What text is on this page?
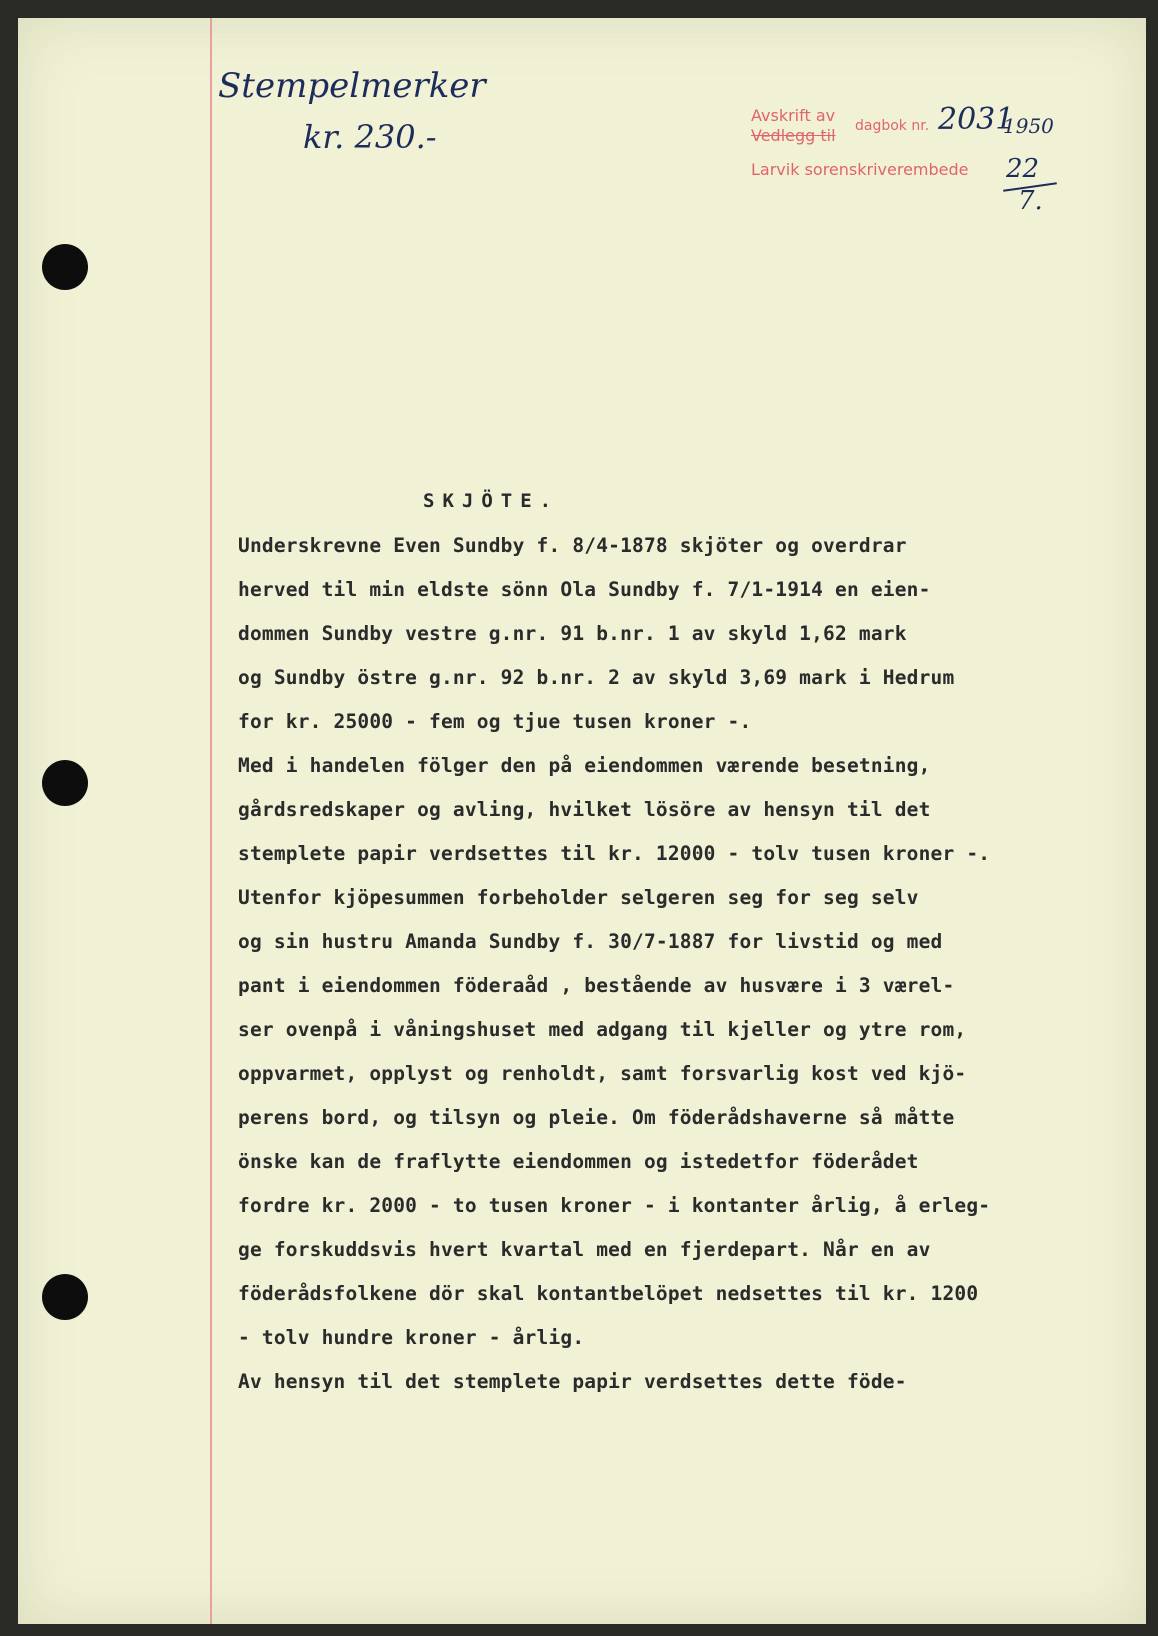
Stempelmerker
kr. 230.-
Avskrift av
Vedlegg til dagbok nr. 2031
1950
Larvik sorenskriverembede 22
7.
SKJÖTE.
Underskrevne Even Sundby f. 8/4-1878 skjöter og overdrar
herved til min eldste sönn Ola Sundby f. 7/1-1914 en eien-
dommen Sundby vestre g.nr. 91 b.nr. 1 av skyld 1,62 mark
og Sundby östre g.nr. 92 b.nr. 2 av skyld 3,69 mark i Hedrum
for kr. 25000 - fem og tjue tusen kroner -.
Med i handelen fölger den på eiendommen værende besetning,
gårdsredskaper og avling, hvilket lösöre av hensyn til det
stemplete papir verdsettes til kr. 12000 - tolv tusen kroner -.
Utenfor kjöpesummen forbeholder selgeren seg for seg selv
og sin hustru Amanda Sundby f. 30/7-1887 for livstid og med
pant i eiendommen föderaåd , bestående av husvære i 3 værel-
ser ovenpå i våningshuset med adgang til kjeller og ytre rom,
oppvarmet, opplyst og renholdt, samt forsvarlig kost ved kjö-
perens bord, og tilsyn og pleie. Om föderådshaverne så måtte
önske kan de fraflytte eiendommen og istedetfor föderådet
fordre kr. 2000 - to tusen kroner - i kontanter årlig, å erleg-
ge forskuddsvis hvert kvartal med en fjerdepart. Når en av
föderådsfolkene dör skal kontantbelöpet nedsettes til kr. 1200
- tolv hundre kroner - årlig.
Av hensyn til det stemplete papir verdsettes dette föde-
